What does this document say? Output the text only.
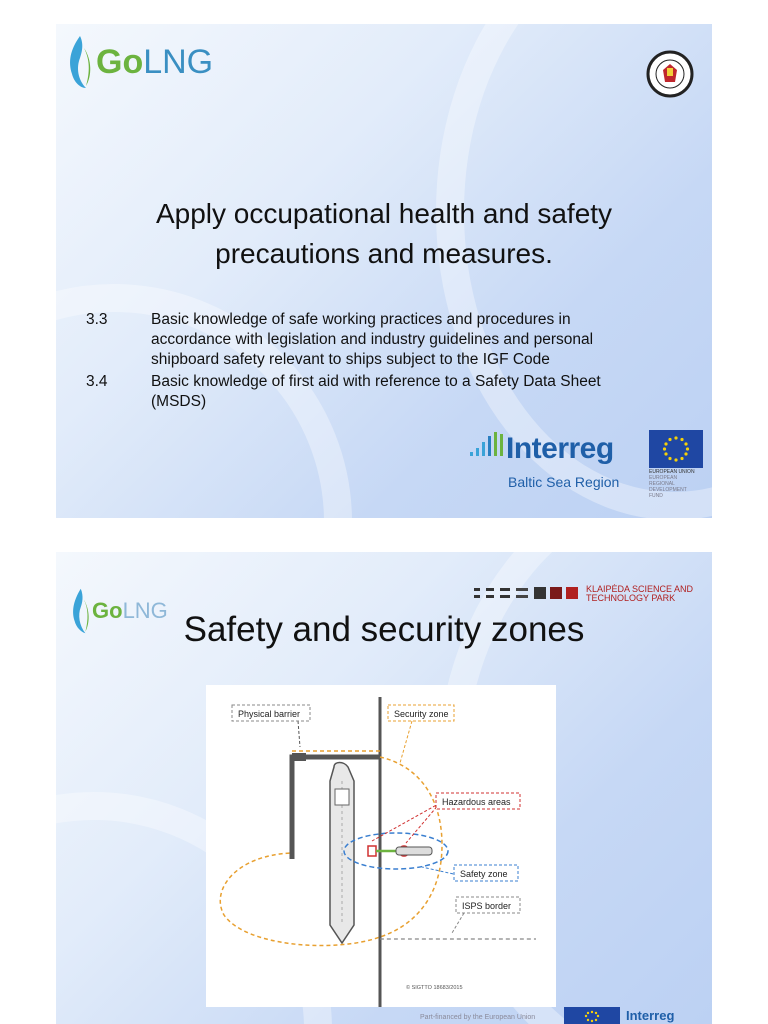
Go LNG
Apply occupational health and safety
precautions and measures.
3.3	Basic knowledge of safe working practices and procedures in
accordance with legislation and industry guidelines and personal
shipboard safety relevant to ships subject to the IGF Code
3.4	Basic knowledge of first aid with reference to a Safety Data Sheet
(MSDS)
Interreg
Baltic Sea Region
EUROPEAN UNION
EUROPEAN
REGIONAL
DEVELOPMENT
FUND
Go LNG
KLAIPĖDA SCIENCE AND
TECHNOLOGY PARK
Safety and security zones
Physical barrier	Security zone
Hazardous areas
Safety zone
ISPS border
© SIGTTO 18683/2015
Part-financed by the European Union	Interreg
